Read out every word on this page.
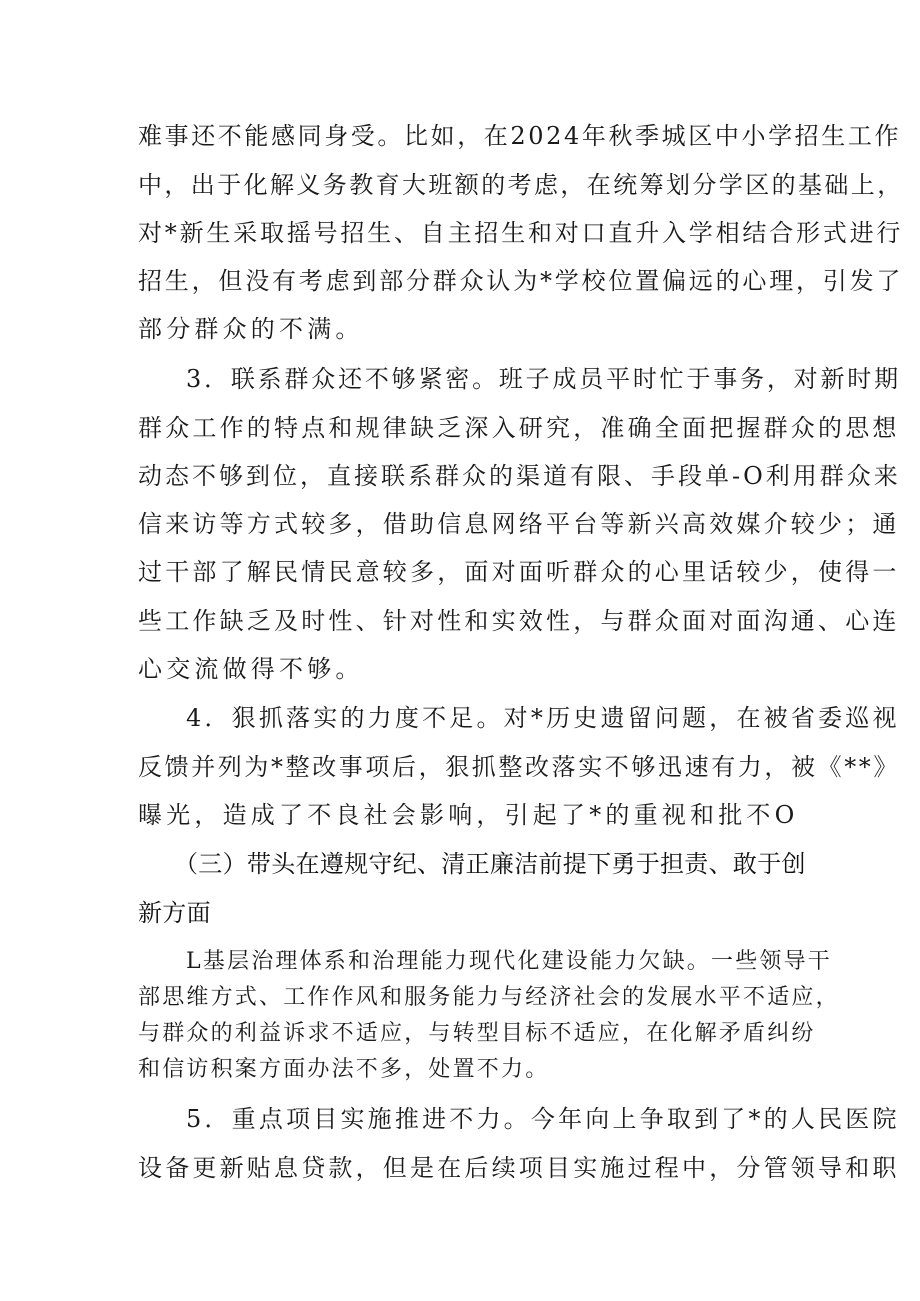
难事还不能感同身受。比如，在2024年秋季城区中小学招生工作
中，出于化解义务教育大班额的考虑，在统筹划分学区的基础上，
对*新生采取摇号招生、自主招生和对口直升入学相结合形式进行
招生，但没有考虑到部分群众认为*学校位置偏远的心理，引发了
部分群众的不满。
3．联系群众还不够紧密。班子成员平时忙于事务，对新时期
群众工作的特点和规律缺乏深入研究，准确全面把握群众的思想
动态不够到位，直接联系群众的渠道有限、手段单-O利用群众来
信来访等方式较多，借助信息网络平台等新兴高效媒介较少；通
过干部了解民情民意较多，面对面听群众的心里话较少，使得一
些工作缺乏及时性、针对性和实效性，与群众面对面沟通、心连
心交流做得不够。
4．狠抓落实的力度不足。对*历史遗留问题，在被省委巡视
反馈并列为*整改事项后，狠抓整改落实不够迅速有力，被《**》
曝光，造成了不良社会影响，引起了*的重视和批不O
（三）带头在遵规守纪、清正廉洁前提下勇于担责、敢于创
新方面
L基层治理体系和治理能力现代化建设能力欠缺。一些领导干
部思维方式、工作作风和服务能力与经济社会的发展水平不适应，
与群众的利益诉求不适应，与转型目标不适应，在化解矛盾纠纷
和信访积案方面办法不多，处置不力。
5．重点项目实施推进不力。今年向上争取到了*的人民医院
设备更新贴息贷款，但是在后续项目实施过程中，分管领导和职
